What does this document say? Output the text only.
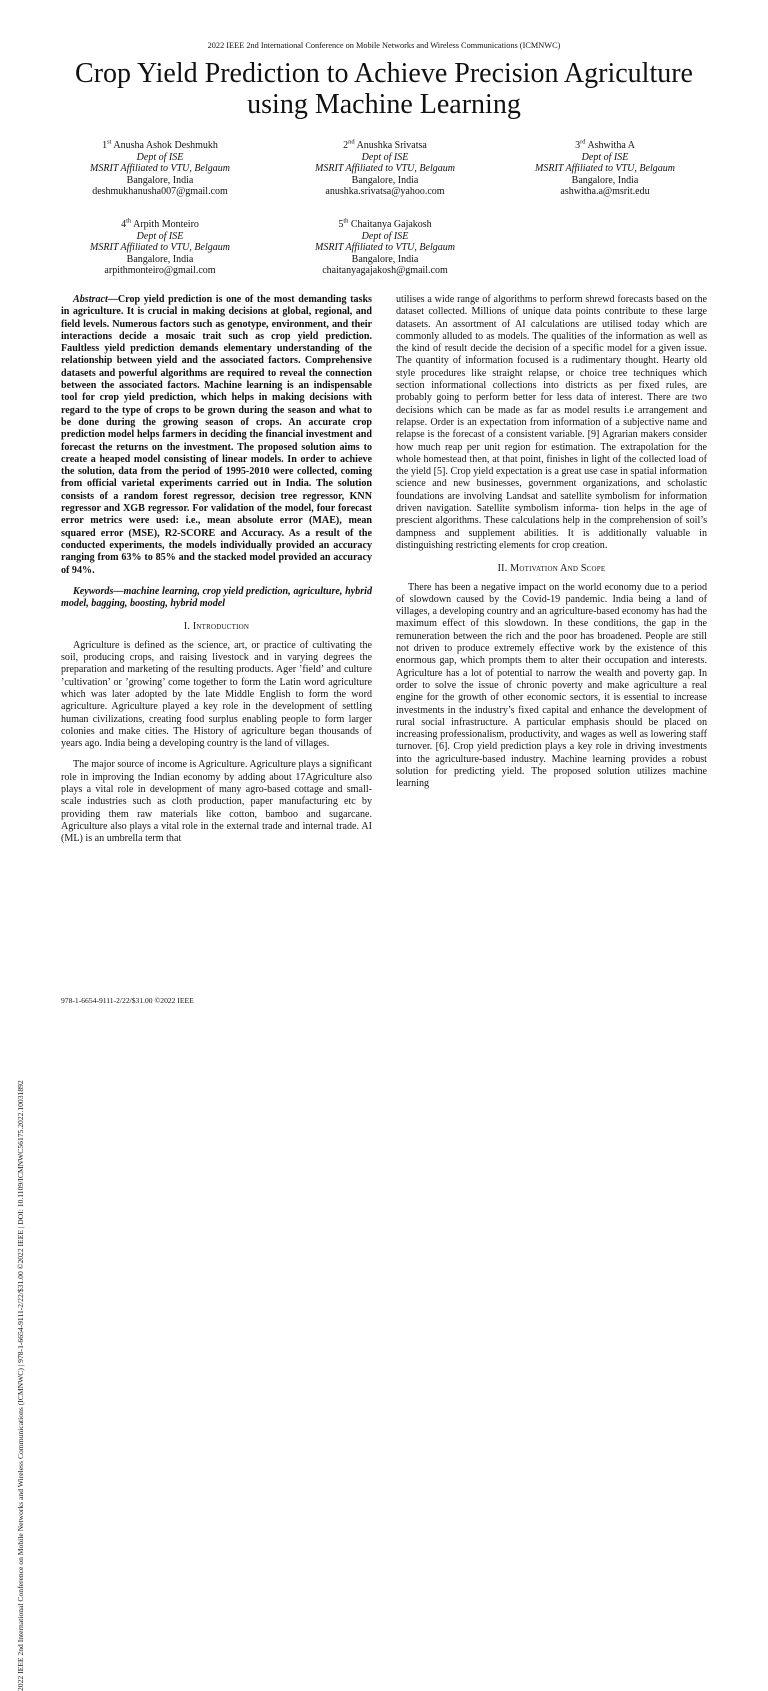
2022 IEEE 2nd International Conference on Mobile Networks and Wireless Communications (ICMNWC)
Crop Yield Prediction to Achieve Precision Agriculture using Machine Learning
2022 IEEE 2nd International Conference on Mobile Networks and Wireless Communications (ICMNWC) | 978-1-6654-9111-2/22/$31.00 ©2022 IEEE | DOI: 10.1109/ICMNWC56175.2022.10031892
1st Anusha Ashok Deshmukh
Dept of ISE
MSRIT Affiliated to VTU, Belgaum
Bangalore, India
deshmukhanusha007@gmail.com
2nd Anushka Srivatsa
Dept of ISE
MSRIT Affiliated to VTU, Belgaum
Bangalore, India
anushka.srivatsa@yahoo.com
3rd Ashwitha A
Dept of ISE
MSRIT Affiliated to VTU, Belgaum
Bangalore, India
ashwitha.a@msrit.edu
4th Arpith Monteiro
Dept of ISE
MSRIT Affiliated to VTU, Belgaum
Bangalore, India
arpithmonteiro@gmail.com
5th Chaitanya Gajakosh
Dept of ISE
MSRIT Affiliated to VTU, Belgaum
Bangalore, India
chaitanyagajakosh@gmail.com

Abstract—Crop yield prediction is one of the most demanding tasks in agriculture. It is crucial in making decisions at global, regional, and field levels. Numerous factors such as genotype, environment, and their interactions decide a mosaic trait such as crop yield prediction. Faultless yield prediction demands elementary understanding of the relationship between yield and the associated factors. Comprehensive datasets and powerful algorithms are required to reveal the connection between the associated factors. Machine learning is an indispensable tool for crop yield prediction, which helps in making decisions with regard to the type of crops to be grown during the season and what to be done during the growing season of crops. An accurate crop prediction model helps farmers in deciding the financial investment and forecast the returns on the investment. The proposed solution aims to create a heaped model consisting of linear models. In order to achieve the solution, data from the period of 1995-2010 were collected, coming from official varietal experiments carried out in India. The solution consists of a random forest regressor, decision tree regressor, KNN regressor and XGB regressor. For validation of the model, four forecast error metrics were used: i.e., mean absolute error (MAE), mean squared error (MSE), R2-SCORE and Accuracy. As a result of the conducted experiments, the models individually provided an accuracy ranging from 63% to 85% and the stacked model provided an accuracy of 94%.

Keywords—machine learning, crop yield prediction, agriculture, hybrid model, bagging, boosting, hybrid model

I. Introduction

Agriculture is defined as the science, art, or practice of cultivating the soil, producing crops, and raising livestock and in varying degrees the preparation and marketing of the resulting products. Ager ’field’ and culture ’cultivation’ or ’growing’ come together to form the Latin word agriculture which was later adopted by the late Middle English to form the word agriculture. Agriculture played a key role in the development of settling human civilizations, creating food surplus enabling people to form larger colonies and make cities. The History of agriculture began thousands of years ago. India being a developing country is the land of villages.

The major source of income is Agriculture. Agriculture plays a significant role in improving the Indian economy by adding about 17Agriculture also plays a vital role in development of many agro-based cottage and small-scale industries such as cloth production, paper manufacturing etc by providing them raw materials like cotton, bamboo and sugarcane. Agriculture also plays a vital role in the external trade and internal trade. AI (ML) is an umbrella term that

utilises a wide range of algorithms to perform shrewd forecasts based on the dataset collected. Millions of unique data points contribute to these large datasets. An assortment of AI calculations are utilised today which are commonly alluded to as models. The qualities of the information as well as the kind of result decide the decision of a specific model for a given issue. The quantity of information focused is a rudimentary thought. Hearty old style procedures like straight relapse, or choice tree techniques which section informational collections into districts as per fixed rules, are probably going to perform better for less data of interest. There are two decisions which can be made as far as model results i.e arrangement and relapse. Order is an expectation from information of a subjective name and relapse is the forecast of a consistent variable. [9] Agrarian makers consider how much reap per unit region for estimation. The extrapolation for the whole homestead then, at that point, finishes in light of the collected load of the yield [5]. Crop yield expectation is a great use case in spatial information science and new businesses, government organizations, and scholastic foundations are involving Landsat and satellite symbolism for information driven navigation. Satellite symbolism informa- tion helps in the age of prescient algorithms. These calculations help in the comprehension of soil’s dampness and supplement abilities. It is additionally valuable in distinguishing restricting elements for crop creation.

II. Motivation And Scope

There has been a negative impact on the world economy due to a period of slowdown caused by the Covid-19 pandemic. India being a land of villages, a developing country and an agriculture-based economy has had the maximum effect of this slowdown. In these conditions, the gap in the remuneration between the rich and the poor has broadened. People are still not driven to produce extremely effective work by the existence of this enormous gap, which prompts them to alter their occupation and interests. Agriculture has a lot of potential to narrow the wealth and poverty gap. In order to solve the issue of chronic poverty and make agriculture a real engine for the growth of other economic sectors, it is essential to increase investments in the industry’s fixed capital and enhance the development of rural social infrastructure. A particular emphasis should be placed on increasing professionalism, productivity, and wages as well as lowering staff turnover. [6]. Crop yield prediction plays a key role in driving investments into the agriculture-based industry. Machine learning provides a robust solution for predicting yield. The proposed solution utilizes machine learning

978-1-6654-9111-2/22/$31.00 ©2022 IEEE
